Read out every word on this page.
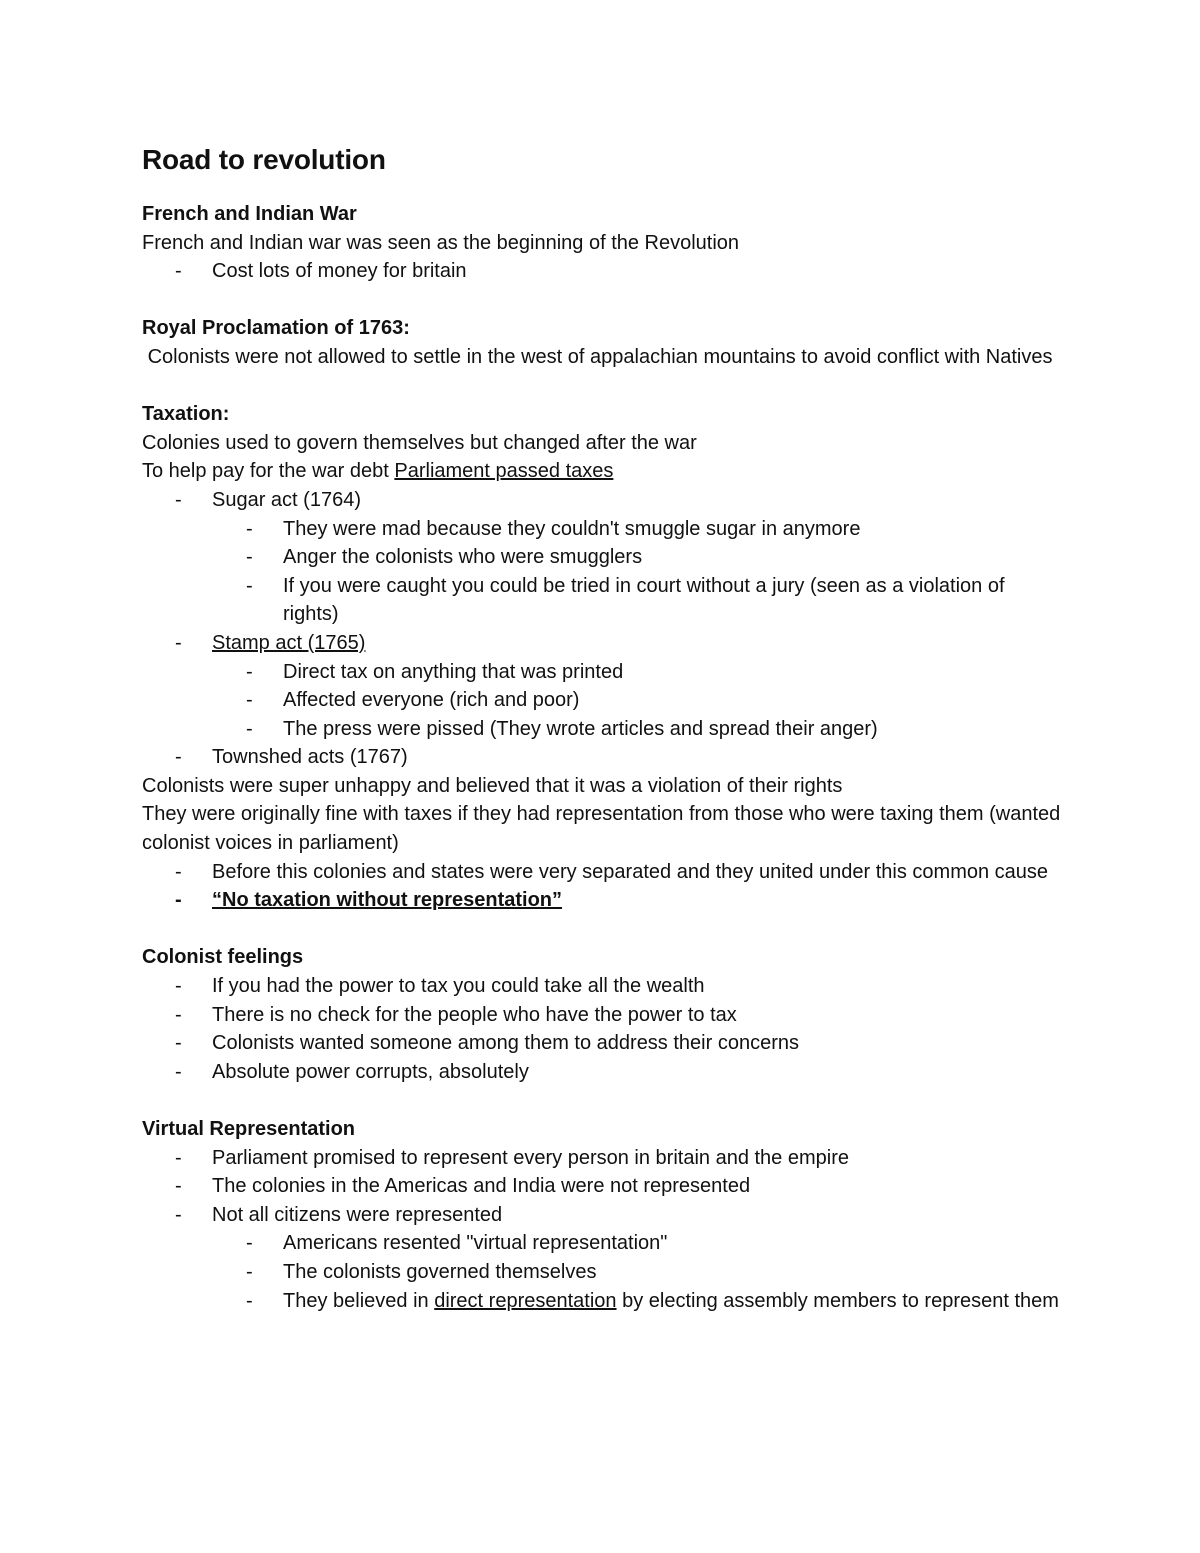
Road to revolution
French and Indian War
French and Indian war was seen as the beginning of the Revolution
- Cost lots of money for britain
Royal Proclamation of 1763:
Colonists were not allowed to settle in the west of appalachian mountains to avoid conflict with Natives
Taxation:
Colonies used to govern themselves but changed after the war
To help pay for the war debt Parliament passed taxes
- Sugar act (1764)
- They were mad because they couldn't smuggle sugar in anymore
- Anger the colonists who were smugglers
- If you were caught you could be tried in court without a jury (seen as a violation of rights)
- Stamp act (1765)
- Direct tax on anything that was printed
- Affected everyone (rich and poor)
- The press were pissed (They wrote articles and spread their anger)
- Townshed acts (1767)
Colonists were super unhappy and believed that it was a violation of their rights
They were originally fine with taxes if they had representation from those who were taxing them (wanted colonist voices in parliament)
- Before this colonies and states were very separated and they united under this common cause
- “No taxation without representation”
Colonist feelings
- If you had the power to tax you could take all the wealth
- There is no check for the people who have the power to tax
- Colonists wanted someone among them to address their concerns
- Absolute power corrupts, absolutely
Virtual Representation
- Parliament promised to represent every person in britain and the empire
- The colonies in the Americas and India were not represented
- Not all citizens were represented
- Americans resented "virtual representation"
- The colonists governed themselves
- They believed in direct representation by electing assembly members to represent them
